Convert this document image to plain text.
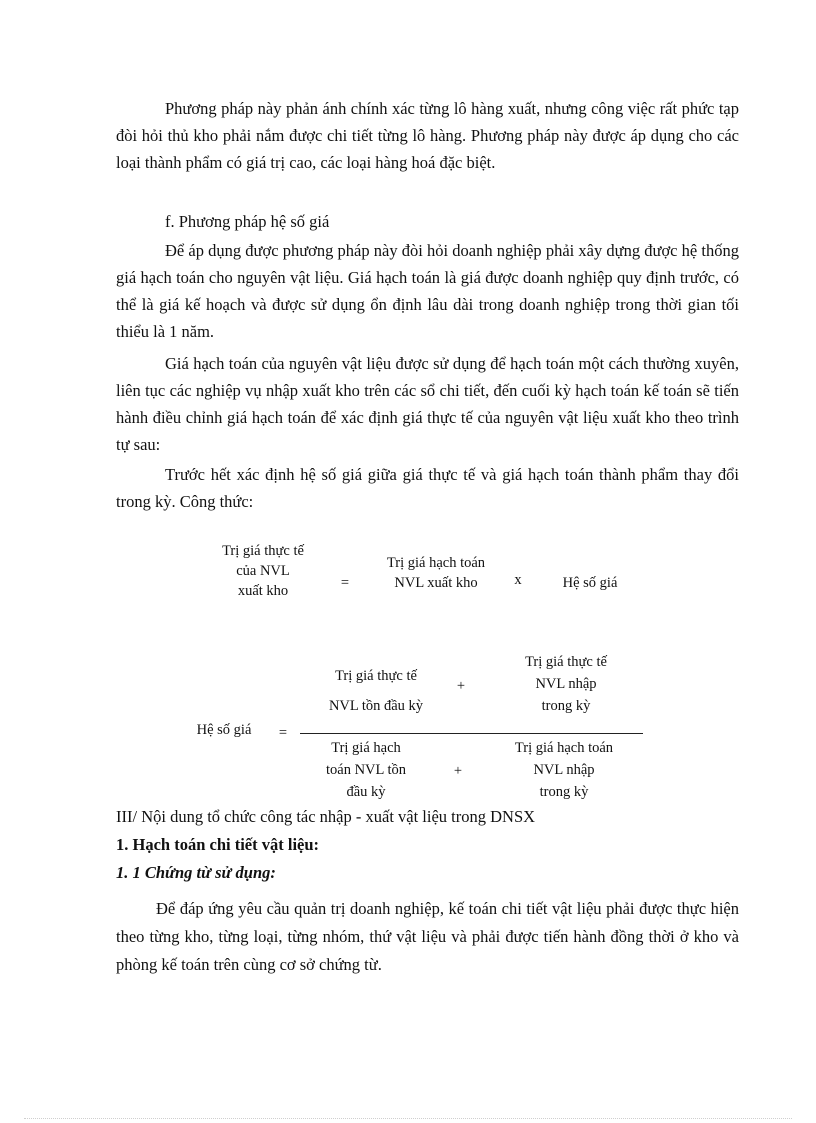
Phương pháp này phản ánh chính xác từng lô hàng xuất, nhưng công việc rất phức tạp đòi hỏi thủ kho phải nắm được chi tiết từng lô hàng. Phương pháp này được áp dụng cho các loại thành phẩm có giá trị cao, các loại hàng hoá đặc biệt.

f. Phương pháp hệ số giá

Để áp dụng được phương pháp này đòi hỏi doanh nghiệp phải xây dựng được hệ thống giá hạch toán cho nguyên vật liệu. Giá hạch toán là giá được doanh nghiệp quy định trước, có thể là giá kế hoạch và được sử dụng ổn định lâu dài trong doanh nghiệp trong thời gian tối thiểu là 1 năm.

Giá hạch toán của nguyên vật liệu được sử dụng để hạch toán một cách thường xuyên, liên tục các nghiệp vụ nhập xuất kho trên các sổ chi tiết, đến cuối kỳ hạch toán kế toán sẽ tiến hành điều chỉnh giá hạch toán để xác định giá thực tế của nguyên vật liệu xuất kho theo trình tự sau:

Trước hết xác định hệ số giá giữa giá thực tế và giá hạch toán thành phẩm thay đổi trong kỳ. Công thức:

Trị giá thực tế
của NVL
xuất kho	=
Trị giá hạch toán
NVL xuất kho	x	Hệ số giá
Hệ số giá	=
Trị giá thực tế
NVL tồn đầu kỳ
+
Trị giá thực tế
NVL nhập
trong kỳ
Trị giá hạch
toán NVL tồn
đầu kỳ
+
Trị giá hạch toán
NVL nhập
trong kỳ
III/ Nội dung tổ chức công tác nhập - xuất vật liệu trong DNSX
1. Hạch toán chi tiết vật liệu:
1. 1 Chứng từ sử dụng:

Để đáp ứng yêu cầu quản trị doanh nghiệp, kế toán chi tiết vật liệu phải được thực hiện theo từng kho, từng loại, từng nhóm, thứ vật liệu và phải được tiến hành đồng thời ở kho và phòng kế toán trên cùng cơ sở chứng từ.
